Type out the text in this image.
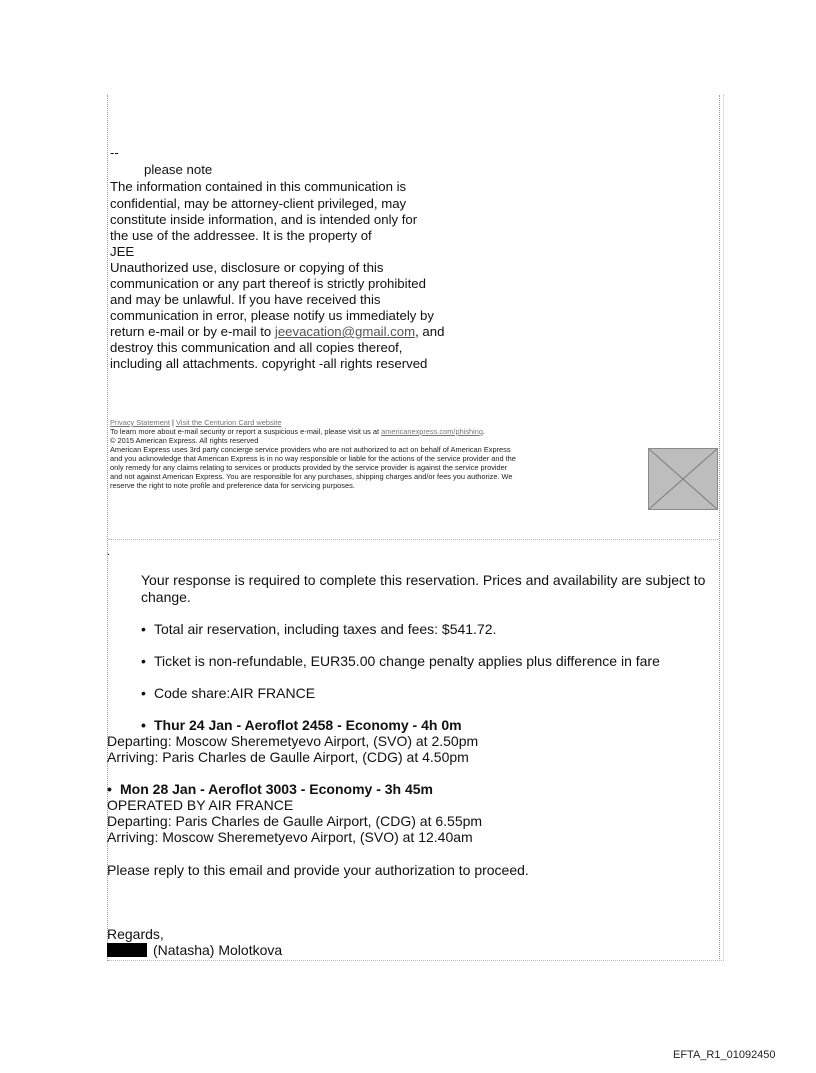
--

please note

The information contained in this communication is

confidential, may be attorney-client privileged, may

constitute inside information, and is intended only for

the use of the addressee. It is the property of

JEE

Unauthorized use, disclosure or copying of this

communication or any part thereof is strictly prohibited

and may be unlawful. If you have received this

communication in error, please notify us immediately by

return e-mail or by e-mail to jeevacation@gmail.com, and

destroy this communication and all copies thereof,

including all attachments. copyright -all rights reserved

Privacy Statement | Visit the Centurion Card website

To learn more about e-mail security or report a suspicious e-mail, please visit us at americanexpress.com/phishing.

© 2015 American Express. All rights reserved

American Express uses 3rd party concierge service providers who are not authorized to act on behalf of American Express

and you acknowledge that American Express is in no way responsible or liable for the actions of the service provider and the

only remedy for any claims relating to services or products provided by the service provider is against the service provider

and not against American Express. You are responsible for any purchases, shipping charges and/or fees you authorize. We

reserve the right to note profile and preference data for servicing purposes.

.

Your response is required to complete this reservation. Prices and availability are subject to

change.

• Total air reservation, including taxes and fees: $541.72.

• Ticket is non-refundable, EUR35.00 change penalty applies plus difference in fare

• Code share:AIR FRANCE

• Thur 24 Jan - Aeroflot 2458 - Economy - 4h 0m

Departing: Moscow Sheremetyevo Airport, (SVO) at 2.50pm

Arriving: Paris Charles de Gaulle Airport, (CDG) at 4.50pm

• Mon 28 Jan - Aeroflot 3003 - Economy - 3h 45m

OPERATED BY AIR FRANCE

Departing: Paris Charles de Gaulle Airport, (CDG) at 6.55pm

Arriving: Moscow Sheremetyevo Airport, (SVO) at 12.40am

Please reply to this email and provide your authorization to proceed.

Regards,

(Natasha) Molotkova

EFTA_R1_01092450
